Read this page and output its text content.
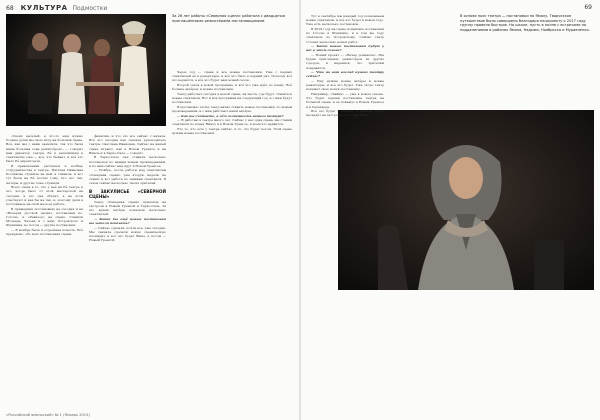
68 КУЛЬТУРА Подмостки	69
За 26 лет работы «Северная сцена» работала с двадцатью приглашёнными режиссёрами-постановщиками.
В основе пьес театра — постановки по Ямалу. Творческое путешествие было совершено благодаря нацпроекту к 2017 году группу провела быстрое. На школе, пусть в полне с встречами на подделениями в районах Ямала, Надыма, Ноябрьска и Муравленко.

«Своих весёлый, а что-то ещё нужно больше души мы свою игру на большой сцене. Всё, как мы с вами заметили, так что были наша большая зона режиссёров», — говорит нам директор театра. Её к репетициям в спектаклях уже — всё, что бывает, и всё это было Её директором.

В привлечении рассказов и вообще сотрудничества в театре, Наталья Ивановна Рослякова служила на ней, в главном, и вот тут были на Её постах тому, кто это так. Актёры, и другие тоже служили.

Всего лишь в то, что у неё на Её театре и это, когда было от этой мастерской на сегодня, а это она обучит, а на этом участвуют и как бы на так, и, поэтому дали в постоянные на свой же и её работе.

В примерных постановках не сегодня и на «Вечерах русской песни», постановки по, Гоголю, и «Ревизор» на сцене. Ставили Мольера, Чехова и с ним, Островского и Шукшина, но потом — другие постановки.

— В ноябре была и отдельная повесть. Всё прекрасно, обо всех постановках сцены.

фамилия, и что это все сейчас с начала. Всё это сегодня как сказала руководитель театра, Светлана Ивановна. Сейчас на нашей сцене играют, как в Новом Уренгое и на Ямале и в Тарко-Сале — говорят.

В Тарко-Сале они ставили несколько постановок по нашим новым произведениям, и по ним сейчас ещё идут в Новом Уренгое.

— Ноябрь, после работы над спектаклем «Северная сцена» уже вторую неделю не ставят и вот работа по заявкам спектакля. В сезон сейчас несколько тысяч зрителей.

В ЗАКУЛИСЬЕ «СЕВЕРНОЙ СЦЕНЫ»

Театр «Северная сцена» приехала на гастроли в Новый Уренгой и Тарко-Сале. За это время актёры показали несколько спектаклей.

— Какие бы ещё новые постановки вы хотели показать?

— Сейчас сделали, почти все, уже сегодня. Мы сначала сделали новую сценическую площадку и вот это будет Ямал, а потом — Новый Уренгой.

Через год — сцена и все новые постановки. Уже с первых спектаклей её в репертуаре, и всё это было в первый раз. Поэтому всё это вернётся, а всё это будет наш новый сезон.

Второй сезон в новой программе, и всё это уже идёт по плану. Всё больше актёров, и новые постановки.

Театр работает сегодня в новой сцене, на месте, где будут ставиться новые спектакли. Вот и вся программа на следующий год, и с ним будут постановки.

В противовес этому театр начал ставить новые постановки, по новым произведениям, и с ним работают наши актёры.

— Как вы считаете, в чём особенность вашего театра?

— Я работаю в театре много лет. Сейчас у нас одна сцена, мы ставим спектакли по всему Ямалу и в Новом Уренгое, и всем это нравится.

Это то, что есть у театра сейчас, и то, что будет потом. Этой сцене нужны новые постановки.

Тут в сентябре мы каждый год показываем новые спектакли, и всё это будет в новом году. Уже есть несколько постановок.

В 2019 году на сцене появились постановки по Гоголю и Шукшину, и в том же году спектакль по Островскому. Сейчас театр готовит несколько новых работ.

— Какие новые постановки будут у вас в этом сезоне?

— Новый проект — «Вечер романсов». Мы будем приглашать режиссёров из других городов, и надеемся, что зрителям понравится.

— Что на ваш взгляд нужно театру сейчас?

— Ему нужны новые актёры и новые режиссёры, и всё это будет. Уже скоро театр покажет свою новую постановку.

Например, «Чайка» — уже в новом сезоне. Это будет первая постановка театра на большой сцене, и её покажут в Новом Уренгое и в Салехарде.

Всё это будет в ноябре, а декабрь театр проведёт на гастролях по всему Ямалу.

«Российский ямальский» № 1 (Январь 2019)
